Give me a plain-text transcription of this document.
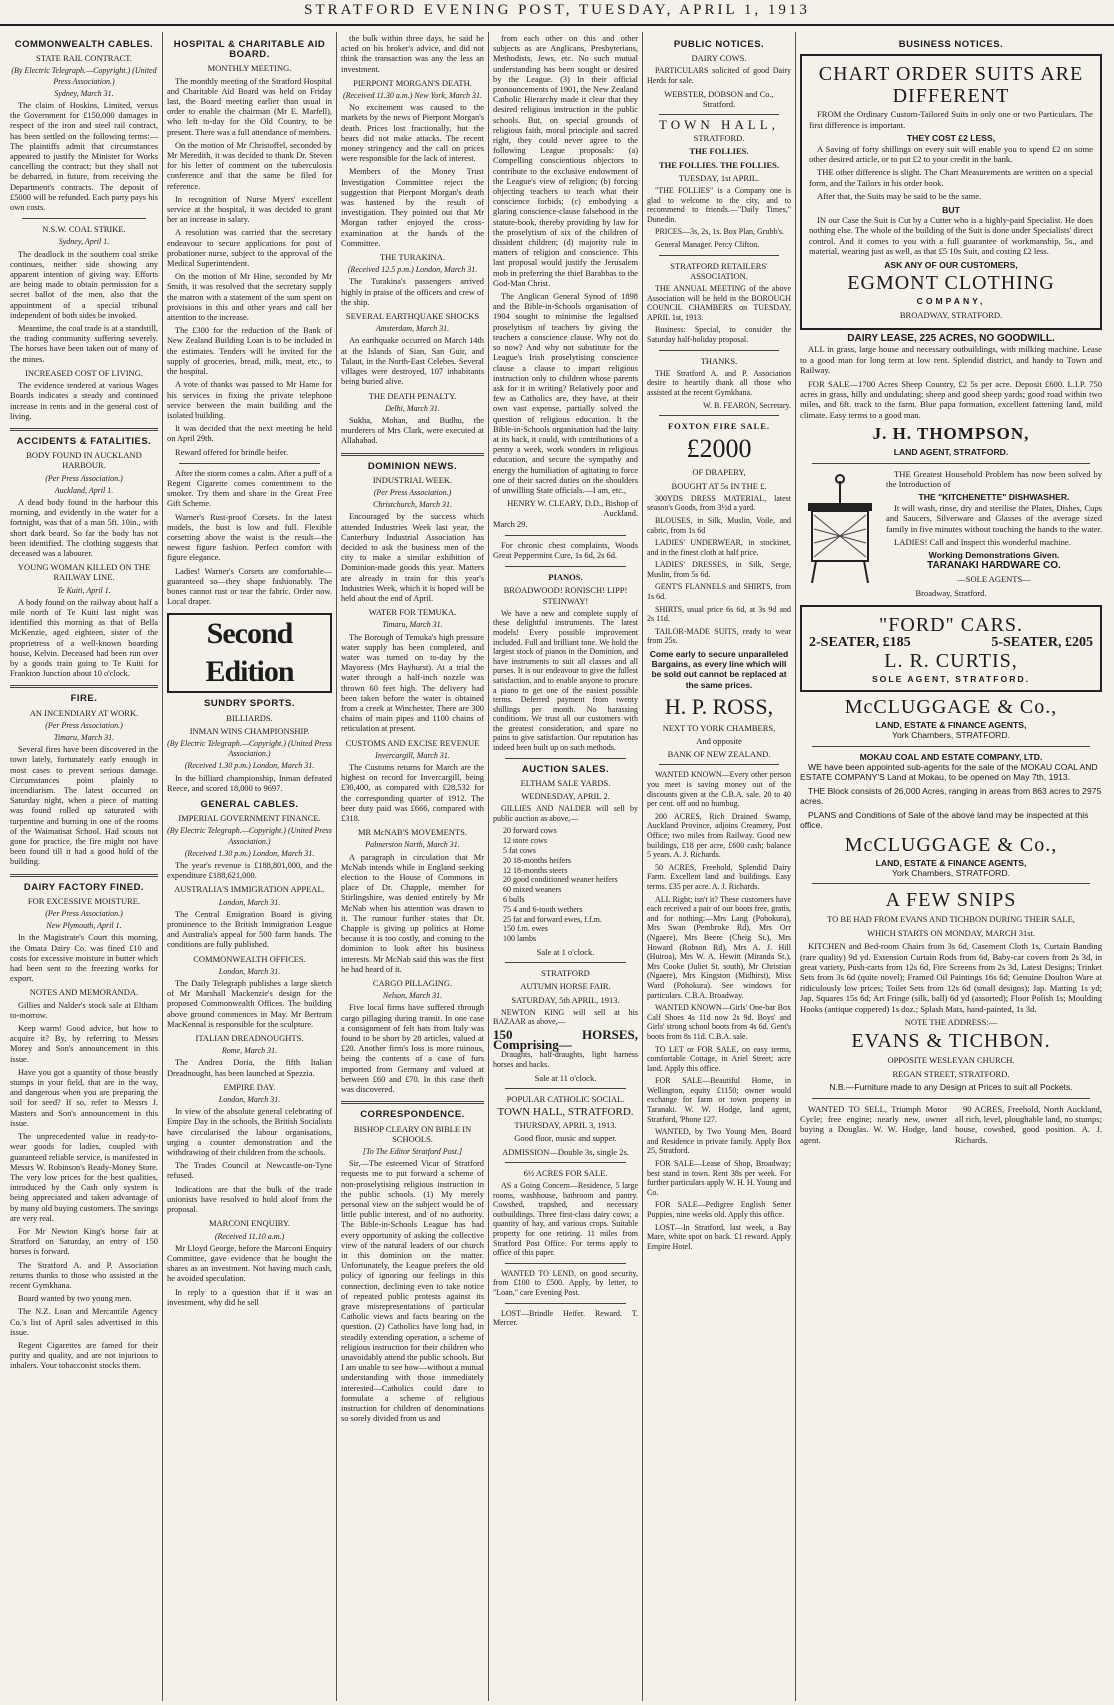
STRATFORD EVENING POST, TUESDAY, APRIL 1, 1913
COMMONWEALTH CABLES.
STATE RAIL CONTRACT.
(By Electric Telegraph.—Copyright.) (United Press Association.)
Sydney, March 31.

The claim of Hoskins, Limited, versus the Government for £150,000 damages in respect of the iron and steel rail contract, has been settled on the following terms:—The plaintiffs admit that circumstances appeared to justify the Minister for Works cancelling the contract; but they shall not be debarred, in future, from receiving the Department's contracts. The deposit of £5000 will be refunded. Each party pays his own costs.

N.S.W. COAL STRIKE.
Sydney, April 1.

The deadlock in the southern coal strike continues, neither side showing any apparent intention of giving way. Efforts are being made to obtain permission for a secret ballot of the men, also that the appointment of a special tribunal independent of both sides be invoked.

Meantime, the coal trade is at a standstill, the trading community suffering severely. The horses have been taken out of many of the mines.

INCREASED COST OF LIVING.

The evidence tendered at various Wages Boards indicates a steady and continued increase in rents and in the general cost of living.

ACCIDENTS & FATALITIES.
BODY FOUND IN AUCKLAND HARBOUR.
(Per Press Association.)
Auckland, April 1.

A dead body found in the harbour this morning, and evidently in the water for a fortnight, was that of a man 5ft. 10in., with short dark beard. So far the body has not been identified. The clothing suggests that deceased was a labourer.

YOUNG WOMAN KILLED ON THE RAILWAY LINE.
Te Kuiti, April 1.

A body found on the railway about half a mile north of Te Kuiti last night was identified this morning as that of Bella McKenzie, aged eighteen, sister of the proprietress of a well-known boarding house, Kelvin. Deceased had been run over by a goods train going to Te Kuiti for Frankton Junction about 10 o'clock.

FIRE.
AN INCENDIARY AT WORK.
(Per Press Association.)
Timaru, March 31.

Several fires have been discovered in the town lately, fortunately early enough in most cases to prevent serious damage. Circumstances point plainly to incendiarism. The latest occurred on Saturday night, when a piece of matting was found rolled up saturated with turpentine and burning in one of the rooms of the Waimatisat School. Had scouts not gone for practice, the fire might not have been found till it had a good hold of the building.

DAIRY FACTORY FINED.
FOR EXCESSIVE MOISTURE.
(Per Press Association.)
New Plymouth, April 1.

In the Magistrate's Court this morning, the Omata Dairy Co. was fined £10 and costs for excessive moisture in butter which had been sent to the freezing works for export.

NOTES AND MEMORANDA.

Gillies and Nalder's stock sale at Eltham to-morrow.

Keep warm! Good advice, but how to acquire it? By, by referring to Messrs Morey and Son's announcement in this issue.

Have you got a quantity of those beastly stumps in your field, that are in the way, and dangerous when you are preparing the soil for seed? If so, refer to Messrs J. Masters and Son's announcement in this issue.

The unprecedented value in ready-to-wear goods for ladies, coupled with guaranteed reliable service, is manifested in Messrs W. Robinson's Ready-Money Store. The very low prices for the best qualities, introduced by the Cash only system is being appreciated and taken advantage of by many old buying customers. The savings are very real.

For Mr Newton King's horse fair at Stratford on Saturday, an entry of 150 horses is forward.

The Stratford A. and P. Association returns thanks to those who assisted at the recent Gymkhana.

Board wanted by two young men.

The N.Z. Loan and Mercantile Agency Co.'s list of April sales advertised in this issue.

Regent Cigarettes are famed for their purity and quality, and are not injurious to inhalers. Your tobacconist stocks them.

HOSPITAL & CHARITABLE AID BOARD.
MONTHLY MEETING.

The monthly meeting of the Stratford Hospital and Charitable Aid Board was held on Friday last, the Board meeting earlier than usual in order to enable the chairman (Mr E. Marfell), who left to-day for the Old Country, to be present. There was a full attendance of members.

On the motion of Mr Christoffel, seconded by Mr Meredith, it was decided to thank Dr. Steven for his letter of comment on the tuberculosis conference and that the same be filed for reference.

In recognition of Nurse Myers' excellent service at the hospital, it was decided to grant her an increase in salary.

A resolution was carried that the secretary endeavour to secure applications for post of probationer nurse, subject to the approval of the Medical Superintendent.

On the motion of Mr Hine, seconded by Mr Smith, it was resolved that the secretary supply the matron with a statement of the sum spent on provisions in this and other years and call her attention to the increase.

The £300 for the reduction of the Bank of New Zealand Building Loan is to be included in the estimates. Tenders will be invited for the supply of groceries, bread, milk, meat, etc., to the hospital.

A vote of thanks was passed to Mr Hame for his services in fixing the private telephone service between the main building and the isolated building.

It was decided that the next meeting be held on April 29th.

Reward offered for brindle heifer.

After the storm comes a calm. After a puff of a Regent Cigarette comes contentment to the smoker. Try them and share in the Great Free Gift Scheme.

Warner's Rust-proof Corsets. In the latest models, the bust is low and full. Flexible corsetting above the waist is the result—the newest figure fashion. Perfect comfort with figure elegance.

Ladies! Warner's Corsets are comfortable—guaranteed so—they shape fashionably. The bones cannot rust or tear the fabric. Order now. Local draper.

Second Edition
SUNDRY SPORTS.
BILLIARDS.
INMAN WINS CHAMPIONSHIP.
(By Electric Telegraph.—Copyright.) (United Press Association.)
(Received 1.30 p.m.) London, March 31.

In the billiard championship, Inman defeated Reece, and scored 18,000 to 9697.

GENERAL CABLES.
IMPERIAL GOVERNMENT FINANCE.
(By Electric Telegraph.—Copyright.) (United Press Association.)
(Received 1.30 p.m.) London, March 31.

The year's revenue is £188,801,000, and the expenditure £188,621,000.

AUSTRALIA'S IMMIGRATION APPEAL.
London, March 31.

The Central Emigration Board is giving prominence to the British Immigration League and Australia's appeal for 500 farm hands. The conditions are fully published.

COMMONWEALTH OFFICES.
London, March 31.

The Daily Telegraph publishes a large sketch of Mr Marshall Mackenzie's design for the proposed Commonwealth Offices. The building above ground commences in May. Mr Bertram MacKennal is responsible for the sculpture.

ITALIAN DREADNOUGHTS.
Rome, March 31.

The Andrea Doria, the fifth Italian Dreadnought, has been launched at Spezzia.

EMPIRE DAY.
London, March 31.

In view of the absolute general celebrating of Empire Day in the schools, the British Socialists have circularised the labour organisations, urging a counter demonstration and the withdrawing of their children from the schools.

The Trades Council at Newcastle-on-Tyne refused.

Indications are that the bulk of the trade unionists have resolved to hold aloof from the proposal.

MARCONI ENQUIRY.
(Received 11.10 a.m.)

Mr Lloyd George, before the Marconi Enquiry Committee, gave evidence that he bought the shares as an investment. Not having much cash, he avoided speculation.

In reply to a question that if it was an investment, why did he sell

the bulk within three days, he said he acted on his broker's advice, and did not think the transaction was any the less an investment.

PIERPONT MORGAN'S DEATH.
(Received 11.30 a.m.) New York, March 31.

No excitement was caused to the markets by the news of Pierpont Morgan's death. Prices lost fractionally, but the bears did not make attacks. The recent money stringency and the call on prices were responsible for the lack of interest.

Members of the Money Trust Investigation Committee reject the suggestion that Pierpont Morgan's death was hastened by the result of investigation. They pointed out that Mr Morgan rather enjoyed the cross-examination at the hands of the Committee.

THE TURAKINA.
(Received 12.5 p.m.) London, March 31.

The Turakina's passengers arrived highly in praise of the officers and crew of the ship.

SEVERAL EARTHQUAKE SHOCKS
Amsterdam, March 31.

An earthquake occurred on March 14th at the Islands of Sian, San Guir, and Talaut, in the North-East Celebes. Several villages were destroyed, 107 inhabitants being buried alive.

THE DEATH PENALTY.
Delhi, March 31.

Sukha, Mohan, and Budhu, the murderers of Mrs Clark, were executed at Allahabad.

DOMINION NEWS.
INDUSTRIAL WEEK.
(Per Press Association.)
Christchurch, March 31.

Encouraged by the success which attended Industries Week last year, the Canterbury Industrial Association has decided to ask the business men of the city to make a similar exhibition of Dominion-made goods this year. Matters are already in train for this year's Industries Week, which it is hoped will be held about the end of April.

WATER FOR TEMUKA.
Timaru, March 31.

The Borough of Temuka's high pressure water supply has been completed, and water was turned on to-day by the Mayoress (Mrs Hayhurst). At a trial the water through a half-inch nozzle was thrown 60 feet high. The delivery had been taken before the water is obtained from a creek at Winchester. There are 300 chains of main pipes and 1100 chains of reticulation at present.

CUSTOMS AND EXCISE REVENUE
Invercargill, March 31.

The Customs returns for March are the highest on record for Invercargill, being £30,400, as compared with £28,532 for the corresponding quarter of 1912. The beer duty paid was £666, compared with £318.

MR McNAB'S MOVEMENTS.
Palmerston North, March 31.

A paragraph in circulation that Mr McNab intends while in England seeking election to the House of Commons in place of Dr. Chapple, member for Stirlingshire, was denied entirely by Mr McNab when his attention was drawn to it. The rumour further states that Dr. Chapple is giving up politics at Home because it is too costly, and coming to the dominion to look after his business interests. Mr McNab said this was the first he had heard of it.

CARGO PILLAGING.
Nelson, March 31.

Five local firms have suffered through cargo pillaging during transit. In one case a consignment of felt hats from Italy was found to be short by 28 articles, valued at £20. Another firm's loss is more ruinous, being the contents of a case of furs imported from Germany and valued at between £60 and £70. In this case theft was discovered.

CORRESPONDENCE.
BISHOP CLEARY ON BIBLE IN SCHOOLS.
[To The Editor Stratford Post.]

Sir,—The esteemed Vicar of Stratford requests me to put forward a scheme of non-proselytising religious instruction in the public schools. (1) My merely personal view on the subject would be of little public interest, and of no authority. The Bible-in-Schools League has had every opportunity of asking the collective view of the natural leaders of our church in this dominion on the matter. Unfortunately, the League prefers the old policy of ignoring our feelings in this connection, declining even to take notice of repeated public protests against its grave misrepresentations of particular Catholic views and facts bearing on the question. (2) Catholics have long had, in steadily extending operation, a scheme of religious instruction for their children who unavoidably attend the public schools. But I am unable to see how—without a mutual understanding with those immediately interested—Catholics could dare to formulate a scheme of religious instruction for children of denominations so sorely divided from us and

from each other on this and other subjects as are Anglicans, Presbyterians, Methodists, Jews, etc. No such mutual understanding has been sought or desired by the League. (3) In their official pronouncements of 1901, the New Zealand Catholic Hierarchy made it clear that they desired religious instruction in the public schools. But, on special grounds of religious faith, moral principle and sacred right, they could never agree to the following League proposals: (a) Compelling conscientious objectors to contribute to the exclusive endowment of the League's view of religion; (b) forcing objecting teachers to teach what their conscience forbids; (c) embodying a glaring conscience-clause falsehood in the statute-book, thereby providing by law for the proselytism of six of the children of dissident children; (d) majority rule in matters of religion and conscience. This last proposal would justify the Jerusalem mob in preferring the thief Barabbas to the God-Man Christ.

The Anglican General Synod of 1898 and the Bible-in-Schools organisation of 1904 sought to minimise the legalised proselytism of teachers by giving the teachers a conscience clause. Why not do so now? And why not substitute for the League's Irish proselytising conscience clause a clause to impart religious instruction only to children whose parents ask for it in writing? Relatively poor and few as Catholics are, they have, at their own vast expense, partially solved the question of religious education. It the Bible-in-Schools organisation had the laity at its back, it could, with contributions of a penny a week, work wonders in religious education, and secure the sympathy and energy the humiliation of agitating to force one of their sacred duties on the shoulders of unwilling State officials.—I am, etc.,

HENRY W. CLEARY, D.D., Bishop of Auckland.
March 29.

For chronic chest complaints, Woods Great Peppermint Cure, 1s 6d, 2s 6d.

PIANOS.
BROADWOOD! RONISCH! LIPP! STEINWAY!

We have a new and complete supply of these delightful instruments. The latest models! Every possible improvement included. Full and brilliant tone. We hold the largest stock of pianos in the Dominion, and have instruments to suit all classes and all purses. It is our endeavour to give the fullest satisfaction, and to enable anyone to procure a piano to get one of the easiest possible terms. Deferred payment from twenty shillings per month. No harassing conditions. We trust all our customers with the greatest consideration, and spare no pains to give satisfaction. Our reputation has indeed been built up on such methods.

AUCTION SALES.
ELTHAM SALE YARDS.
WEDNESDAY, APRIL 2.

GILLIES AND NALDER will sell by public auction as above,—

20 forward cows
12 store cows
5 fat cows
20 18-months heifers
12 18-months steers
20 good conditioned weaner heifers
60 mixed weaners
6 bulls
75 4 and 6-tooth wethers
25 fat and forward ewes, f.f.m.
150 f.m. ewes
100 lambs
Sale at 1 o'clock.
STRATFORD
AUTUMN HORSE FAIR.
SATURDAY, 5th APRIL, 1913.

NEWTON KING will sell at his BAZAAR as above,—

150 HORSES, Comprising—

Draughts, half-draughts, light harness horses and hacks.

Sale at 11 o'clock.
POPULAR CATHOLIC SOCIAL.
TOWN HALL, STRATFORD.
THURSDAY, APRIL 3, 1913.
Good floor, music and supper.
ADMISSION—Double 3s, single 2s.
6½ ACRES FOR SALE.

AS a Going Concern—Residence, 5 large rooms, washhouse, bathroom and pantry. Cowshed, trapshed, and necessary outbuildings. Three first-class dairy cows; a quantity of hay, and various crops. Suitable property for one retiring. 11 miles from Stratford Post Office. For terms apply to office of this paper.

WANTED TO LEND, on good security, from £100 to £500. Apply, by letter, to "Loan," care Evening Post.

LOST—Brindle Heifer. Reward. T. Mercer.

PUBLIC NOTICES.
DAIRY COWS.

PARTICULARS solicited of good Dairy Herds for sale.

WEBSTER, DOBSON and Co., Stratford.
TOWN HALL,
STRATFORD.
THE FOLLIES.
THE FOLLIES. THE FOLLIES.
TUESDAY, 1st APRIL.

"THE FOLLIES" is a Company one is glad to welcome to the city, and to recommend to friends.—"Daily Times," Dunedin.

PRICES—3s, 2s, 1s. Box Plan, Grubb's.

General Manager. Percy Clifton.

STRATFORD RETAILERS' ASSOCIATION.

THE ANNUAL MEETING of the above Association will be held in the BOROUGH COUNCIL CHAMBERS on TUESDAY, APRIL 1st, 1913.

Business: Special, to consider the Saturday half-holiday proposal.

THANKS.

THE Stratford A. and P. Association desire to heartily thank all those who assisted at the recent Gymkhana.

W. B. FEARON, Secretary.
FOXTON FIRE SALE.
£2000
OF DRAPERY,
BOUGHT AT 5s IN THE £.

300YDS DRESS MATERIAL, latest season's Goods, from 3½d a yard.

BLOUSES, in Silk, Muslin, Voile, and cabric, from 1s 6d

LADIES' UNDERWEAR, in stockinet, and in the finest cloth at half price.

LADIES' DRESSES, in Silk, Serge, Muslin, from 5s 6d.

GENT'S FLANNELS and SHIRTS, from 1s 6d.

SHIRTS, usual price 6s 6d, at 3s 9d and 2s 11d.

TAILOR-MADE SUITS, ready to wear from 25s.

Come early to secure unparalleled Bargains, as every line which will be sold out cannot be replaced at the same prices.
H. P. ROSS,
NEXT TO YORK CHAMBERS,
And opposite
BANK OF NEW ZEALAND.

WANTED KNOWN—Every other person you meet is saving money out of the discounts given at the C.B.A. sale. 20 to 40 per cent. off and no humbug.

200 ACRES, Rich Drained Swamp, Auckland Province, adjoins Creamery, Post Office; two miles from Railway. Good new buildings, £18 per acre, £600 cash; balance 5 years. A. J. Richards.

50 ACRES, Freehold, Splendid Dairy Farm. Excellent land and buildings. Easy terms. £35 per acre. A. J. Richards.

ALL Right; isn't it? These customers have each received a pair of our boots free, gratis, and for nothing:—Mrs Lang (Pohokura), Mrs Swan (Pembroke Rd), Mrs Orr (Ngaere), Mrs Beere (Cheig St.), Mrs Howard (Robson Rd), Mrs A. J. Hill (Huiroa), Mrs W. A. Hewitt (Miranda St.), Mrs Cooke (Juliet St. south), Mr Christian (Ngaere), Mrs Kingston (Midhirst), Miss Ward (Pohokura). See windows for particulars. C.B.A. Broadway.

WANTED KNOWN—Girls' One-bar Box Calf Shoes 4s 11d now 2s 9d. Boys' and Girls' strong school boots from 4s 6d. Gent's boots from 8s 11d. C.B.A. sale.

TO LET or FOR SALE, on easy terms, comfortable Cottage, in Ariel Street; acre land. Apply this office.

FOR SALE—Beautiful Home, in Wellington, equity £1150; owner would exchange for farm or town property in Taranaki. W. W. Hodge, land agent, Stratford, 'Phone 127.

WANTED, by Two Young Men, Board and Residence in private family. Apply Box 25, Stratford.

FOR SALE—Lease of Shop, Broadway; best stand in town. Rent 38s per week. For further particulars apply W. H. H. Young and Co.

FOR SALE—Pedigree English Setter Puppies, nine weeks old. Apply this office.

LOST—In Stratford, last week, a Bay Mare, white spot on back. £1 reward. Apply Empire Hotel.

BUSINESS NOTICES.
CHART ORDER SUITS ARE DIFFERENT

FROM the Ordinary Custom-Tailored Suits in only one or two Particulars. The first difference is important.

THEY COST £2 LESS,

A Saving of forty shillings on every suit will enable you to spend £2 on some other desired article, or to put £2 to your credit in the bank.

THE other difference is slight. The Chart Measurements are written on a special form, and the Tailors in his order book.

After that, the Suits may be said to be the same.

BUT

IN our Case the Suit is Cut by a Cutter who is a highly-paid Specialist. He does nothing else. The whole of the building of the Suit is done under Specialists' direct control. And it comes to you with a full guarantee of workmanship, 5s., and material, wearing just as well, as that £5 10s Suit, and costing £2 less.

ASK ANY OF OUR CUSTOMERS,
EGMONT CLOTHING
COMPANY,
BROADWAY, STRATFORD.
DAIRY LEASE, 225 ACRES, NO GOODWILL.

ALL in grass, large house and necessary outbuildings, with milking machine. Lease to a good man for long term at low rent. Splendid district, and handy to Town and Railway.

FOR SALE—1700 Acres Sheep Country, £2 5s per acre. Deposit £600. L.I.P. 750 acres in grass, hilly and undulating; sheep and good sheep yards; good road within two miles, and 6ft. track to the farm. Blue papa formation, excellent fattening land, mild climate. Easy terms to a good man.

J. H. THOMPSON,
LAND AGENT, STRATFORD.

THE Greatest Household Problem has now been solved by the Introduction of

THE "KITCHENETTE" DISHWASHER.

It will wash, rinse, dry and sterilise the Plates, Dishes, Cups and Saucers, Silverware and Glasses of the average sized family in five minutes without touching the hands to the water.

LADIES! Call and Inspect this wonderful machine.

Working Demonstrations Given.
TARANAKI HARDWARE CO.
—SOLE AGENTS—
Broadway, Stratford.
"FORD" CARS.
2-SEATER, £185	5-SEATER, £205
L. R. CURTIS,
SOLE AGENT, STRATFORD.
McCLUGGAGE & Co.,
LAND, ESTATE & FINANCE AGENTS,
York Chambers, STRATFORD.
MOKAU COAL AND ESTATE COMPANY, LTD.

WE have been appointed sub-agents for the sale of the MOKAU COAL AND ESTATE COMPANY'S Land at Mokau, to be opened on May 7th, 1913.

THE Block consists of 26,000 Acres, ranging in areas from 863 acres to 2975 acres.

PLANS and Conditions of Sale of the above land may be inspected at this office.

McCLUGGAGE & Co.,
LAND, ESTATE & FINANCE AGENTS,
York Chambers, STRATFORD.
A FEW SNIPS
TO BE HAD FROM EVANS AND TICHBON DURING THEIR SALE,
WHICH STARTS ON MONDAY, MARCH 31st.

KITCHEN and Bed-room Chairs from 3s 6d, Casement Cloth 1s, Curtain Banding (rare quality) 9d yd. Extension Curtain Rods from 6d, Baby-car covers from 2s 3d, in great variety, Push-carts from 12s 6d, Fire Screens from 2s 3d, Latest Designs; Trinket Sets from 3s 6d (quite novel); Framed Oil Paintings 16s 6d; Genuine Doulton Ware at ridiculously low prices; Toilet Sets from 12s 6d (small designs); Jap. Matting 1s yd; Jap. Squares 15s 6d; Art Fringe (silk, ball) 6d yd (assorted); Floor Polish 1s; Moulding Hooks (antique coppered) 1s doz.; Splash Mats, hand-painted, 1s 3d.

NOTE THE ADDRESS:—
EVANS & TICHBON.
OPPOSITE WESLEYAN CHURCH.
REGAN STREET, STRATFORD.
N.B.—Furniture made to any Design at Prices to suit all Pockets.

WANTED TO SELL, Triumph Motor Cycle; free engine; nearly new, owner buying a Douglas. W. W. Hodge, land agent.

90 ACRES, Freehold, North Auckland, all rich, level, ploughable land, no stumps; house, cowshed, good position. A. J. Richards.
